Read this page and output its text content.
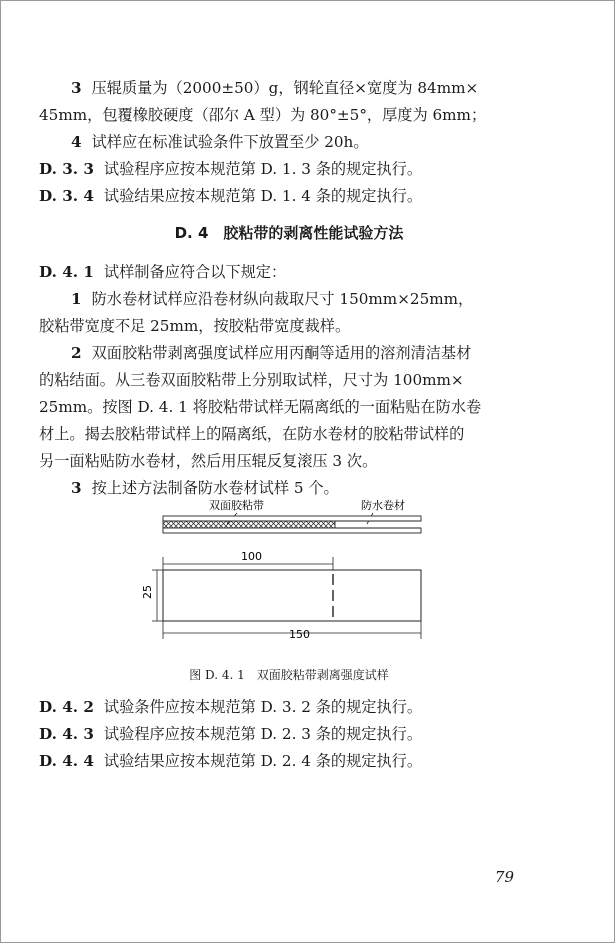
3 压辊质量为（2000±50）g，钢轮直径×宽度为 84mm×
45mm，包覆橡胶硬度（邵尔 A 型）为 80°±5°，厚度为 6mm；
4 试样应在标准试验条件下放置至少 20h。
D. 3. 3 试验程序应按本规范第 D. 1. 3 条的规定执行。
D. 3. 4 试验结果应按本规范第 D. 1. 4 条的规定执行。
D. 4　胶粘带的剥离性能试验方法
D. 4. 1 试样制备应符合以下规定：
1 防水卷材试样应沿卷材纵向裁取尺寸 150mm×25mm，
胶粘带宽度不足 25mm，按胶粘带宽度裁样。
2 双面胶粘带剥离强度试样应用丙酮等适用的溶剂清洁基材
的粘结面。从三卷双面胶粘带上分别取试样，尺寸为 100mm×
25mm。按图 D. 4. 1 将胶粘带试样无隔离纸的一面粘贴在防水卷
材上。揭去胶粘带试样上的隔离纸，在防水卷材的胶粘带试样的
另一面粘贴防水卷材，然后用压辊反复滚压 3 次。
3 按上述方法制备防水卷材试样 5 个。
双面胶粘带	防水卷材
100
25
150
图 D. 4. 1　双面胶粘带剥离强度试样
D. 4. 2 试验条件应按本规范第 D. 3. 2 条的规定执行。
D. 4. 3 试验程序应按本规范第 D. 2. 3 条的规定执行。
D. 4. 4 试验结果应按本规范第 D. 2. 4 条的规定执行。
79
